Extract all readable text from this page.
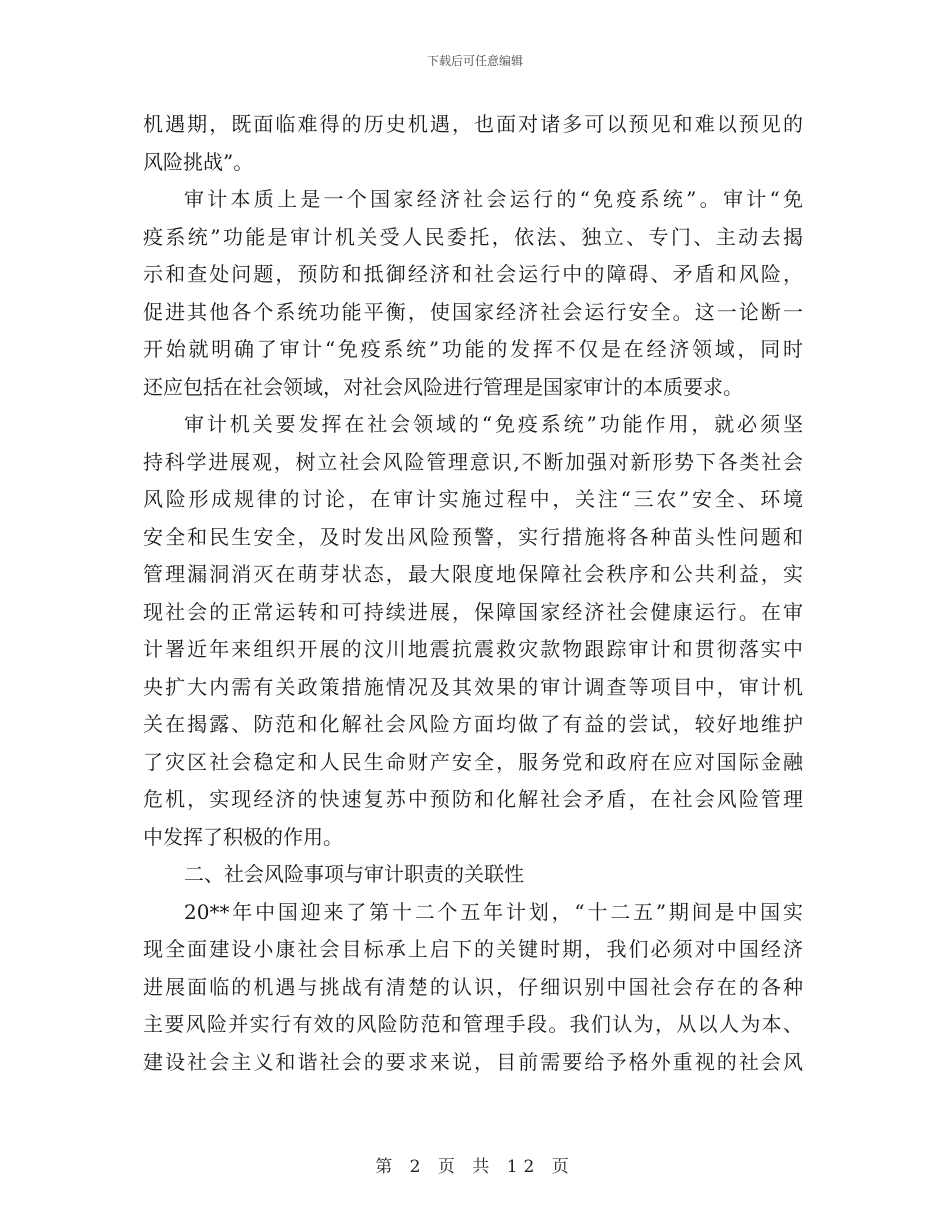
下载后可任意编辑
机遇期，既面临难得的历史机遇，也面对诸多可以预见和难以预见的
风险挑战”。
审计本质上是一个国家经济社会运行的“免疫系统”。审计“免
疫系统”功能是审计机关受人民委托，依法、独立、专门、主动去揭
示和查处问题，预防和抵御经济和社会运行中的障碍、矛盾和风险，
促进其他各个系统功能平衡，使国家经济社会运行安全。这一论断一
开始就明确了审计“免疫系统”功能的发挥不仅是在经济领域，同时
还应包括在社会领域，对社会风险进行管理是国家审计的本质要求。
审计机关要发挥在社会领域的“免疫系统”功能作用，就必须坚
持科学进展观，树立社会风险管理意识,不断加强对新形势下各类社会
风险形成规律的讨论，在审计实施过程中，关注“三农”安全、环境
安全和民生安全，及时发出风险预警，实行措施将各种苗头性问题和
管理漏洞消灭在萌芽状态，最大限度地保障社会秩序和公共利益，实
现社会的正常运转和可持续进展，保障国家经济社会健康运行。在审
计署近年来组织开展的汶川地震抗震救灾款物跟踪审计和贯彻落实中
央扩大内需有关政策措施情况及其效果的审计调查等项目中，审计机
关在揭露、防范和化解社会风险方面均做了有益的尝试，较好地维护
了灾区社会稳定和人民生命财产安全，服务党和政府在应对国际金融
危机，实现经济的快速复苏中预防和化解社会矛盾，在社会风险管理
中发挥了积极的作用。
二、社会风险事项与审计职责的关联性
20**年中国迎来了第十二个五年计划，“十二五”期间是中国实
现全面建设小康社会目标承上启下的关键时期，我们必须对中国经济
进展面临的机遇与挑战有清楚的认识，仔细识别中国社会存在的各种
主要风险并实行有效的风险防范和管理手段。我们认为，从以人为本、
建设社会主义和谐社会的要求来说，目前需要给予格外重视的社会风
第 2 页 共 12 页
